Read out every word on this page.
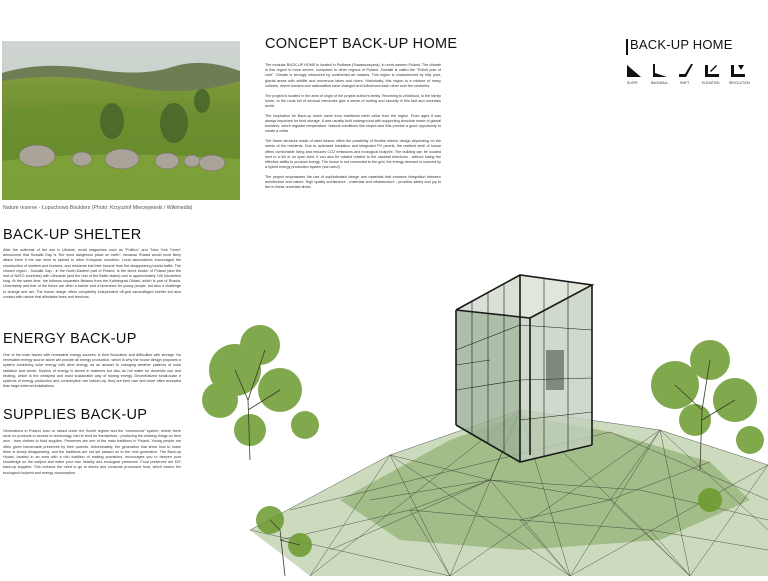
Nature reserve - Łopuchowo Boulders (Photo: Krzysztof Mierzejewski / Wikimedia)
CONCEPT BACK-UP HOME

The modular BACK-UP HOME is located in Podlasie (Suwalszczyzna), in north-eastern Poland. The climate in this region is more severe, compared to other regions of Poland. Suwałki is called the "Polish pole of cold". Climate is strongly influenced by continental air masses. This region is characterized by hilly post-glacial areas with wildlife and numerous lakes and rivers. Historically, this region is a mixture of many cultures, where borders and nationalities have changed and influenced each other over the centuries.

The project is located in the area of origin of the project author's family. Returning to childhood, to the family home, to the roots full of sensual memories give a sense of rooting and security in this fast and uncertain world.

The inspiration for Back-up home came from traditional earth cellar from the region. From ages it was always important for food storage. It was usually built underground with supporting structure made of glacial boulders, which regulate temperature. Natural conditions like slopes and hills provide a good opportunity to create a cellar.

The frame structure made of steel beams offers the possibility of flexible interior design depending on the needs of the residents. Due to optimized insulation and integrated PV panels, the resilient shell of house offers comfortable living and reduces CO2 emissions and ecological footprint. The building can be located next to a hill or on open land. It can also be rotated relative to the cardinal directions - without losing the effective ability to produce energy. The house is not connected to the grid, the energy demand is covered by a hybrid energy production system (sun-wind).

The project emphasizes the use of sophisticated design and materials that enhance integration between architecture and nature. High quality architecture - materials and infrastructure - provides safety and joy to live in these uncertain times.

BACK-UP HOME
SLOPE	BACKWALL	SHIFT	ELEVATION	REVOLUTION
BACK-UP SHELTER

After the outbreak of the war in Ukraine, world magazines such as "Politico" and "New York Times" announced that Suwałki Gap is "the most dangerous place on earth", because Russia would most likely attack there if the war were to spread to other European countries. Local associations encouraged the construction of shelters and bunkers, and residents lost their income from the disappearing tourist traffic. The chosen region - Suwałki Gap - in the North-Eastern part of Poland, is the direct border of Poland (and the rest of NATO countries) with Lithuania (and the rest of the Baltic states) and is approximately 100 kilometers long. At the same time, the isthmus separates Belarus from the Kaliningrad Oblast, which is part of Russia. Uncertainty and fear of the future are often a barrier and a hindrance for young people, but also a challenge to change and act. The house design offers completely independent off-grid camouflaged shelter but also contact with nature that alleviates fears and tensions.

ENERGY BACK-UP

One of the main issues with renewable energy sources, is their fluctuation and difficulties with storage. No renewable energy source alone will provide all energy production, which is why the house design proposes a system combining solar energy with wind energy, as an answer to changing weather patterns of solar radiation and winds. Surplus of energy is stored in batteries but also as hot water for domestic use and heating, which is the cheapest and most sustainable way of storing energy. Decentralized small-scale e systems of energy production and consumption are bottom-up, they are their own and more often accepted than large external installations.

SUPPLIES BACK-UP

Generations in Poland, born or raised under the Soviet regime and the "communist" system, where there were no products or access to technology, had to fend for themselves - producing the missing things on their own - from clothes to food supplies. Preserves are one of the main traditions in Poland. Young people are often given homemade preserves by their parents. Unfortunately, the generation that knew how to make them is slowly disappearing, and the traditions are not yet passed on to the next generation. The Back-up House, located in an area with a rich tradition of making provisions, encourages you to deepen your knowledge on the subject and make your own healthy and ecological preserves. Food preserves are DIY back-up supplies. This reduces the need to go to stores and consume processed food, which lowers the ecological footprint and energy consumption.
